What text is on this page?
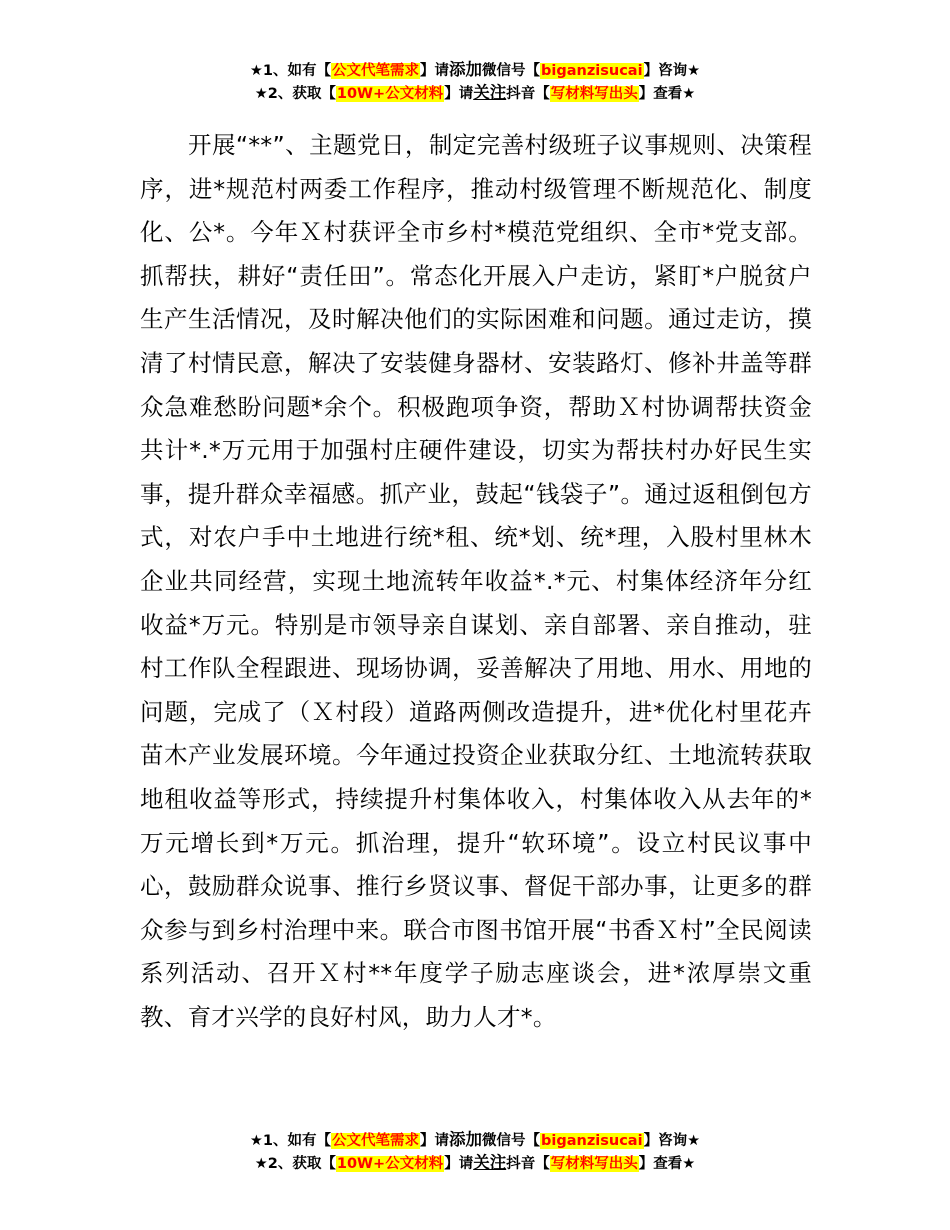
★1、如有【公文代笔需求】请添加微信号【biganzisucai】咨询★
★2、获取【10W+公文材料】请关注抖音【写材料写出头】查看★

开展“**”、主题党日，制定完善村级班子议事规则、决策程序，进*规范村两委工作程序，推动村级管理不断规范化、制度化、公*。今年Ｘ村获评全市乡村*模范党组织、全市*党支部。抓帮扶，耕好“责任田”。常态化开展入户走访，紧盯*户脱贫户生产生活情况，及时解决他们的实际困难和问题。通过走访，摸清了村情民意，解决了安装健身器材、安装路灯、修补井盖等群众急难愁盼问题*余个。积极跑项争资，帮助Ｘ村协调帮扶资金共计*.*万元用于加强村庄硬件建设，切实为帮扶村办好民生实事，提升群众幸福感。抓产业，鼓起“钱袋子”。通过返租倒包方式，对农户手中土地进行统*租、统*划、统*理，入股村里林木企业共同经营，实现土地流转年收益*.*元、村集体经济年分红收益*万元。特别是市领导亲自谋划、亲自部署、亲自推动，驻村工作队全程跟进、现场协调，妥善解决了用地、用水、用地的问题，完成了（Ｘ村段）道路两侧改造提升，进*优化村里花卉苗木产业发展环境。今年通过投资企业获取分红、土地流转获取地租收益等形式，持续提升村集体收入，村集体收入从去年的*万元增长到*万元。抓治理，提升“软环境”。设立村民议事中心，鼓励群众说事、推行乡贤议事、督促干部办事，让更多的群众参与到乡村治理中来。联合市图书馆开展“书香Ｘ村”全民阅读系列活动、召开Ｘ村**年度学子励志座谈会，进*浓厚崇文重教、育才兴学的良好村风，助力人才*。

★1、如有【公文代笔需求】请添加微信号【biganzisucai】咨询★
★2、获取【10W+公文材料】请关注抖音【写材料写出头】查看★
